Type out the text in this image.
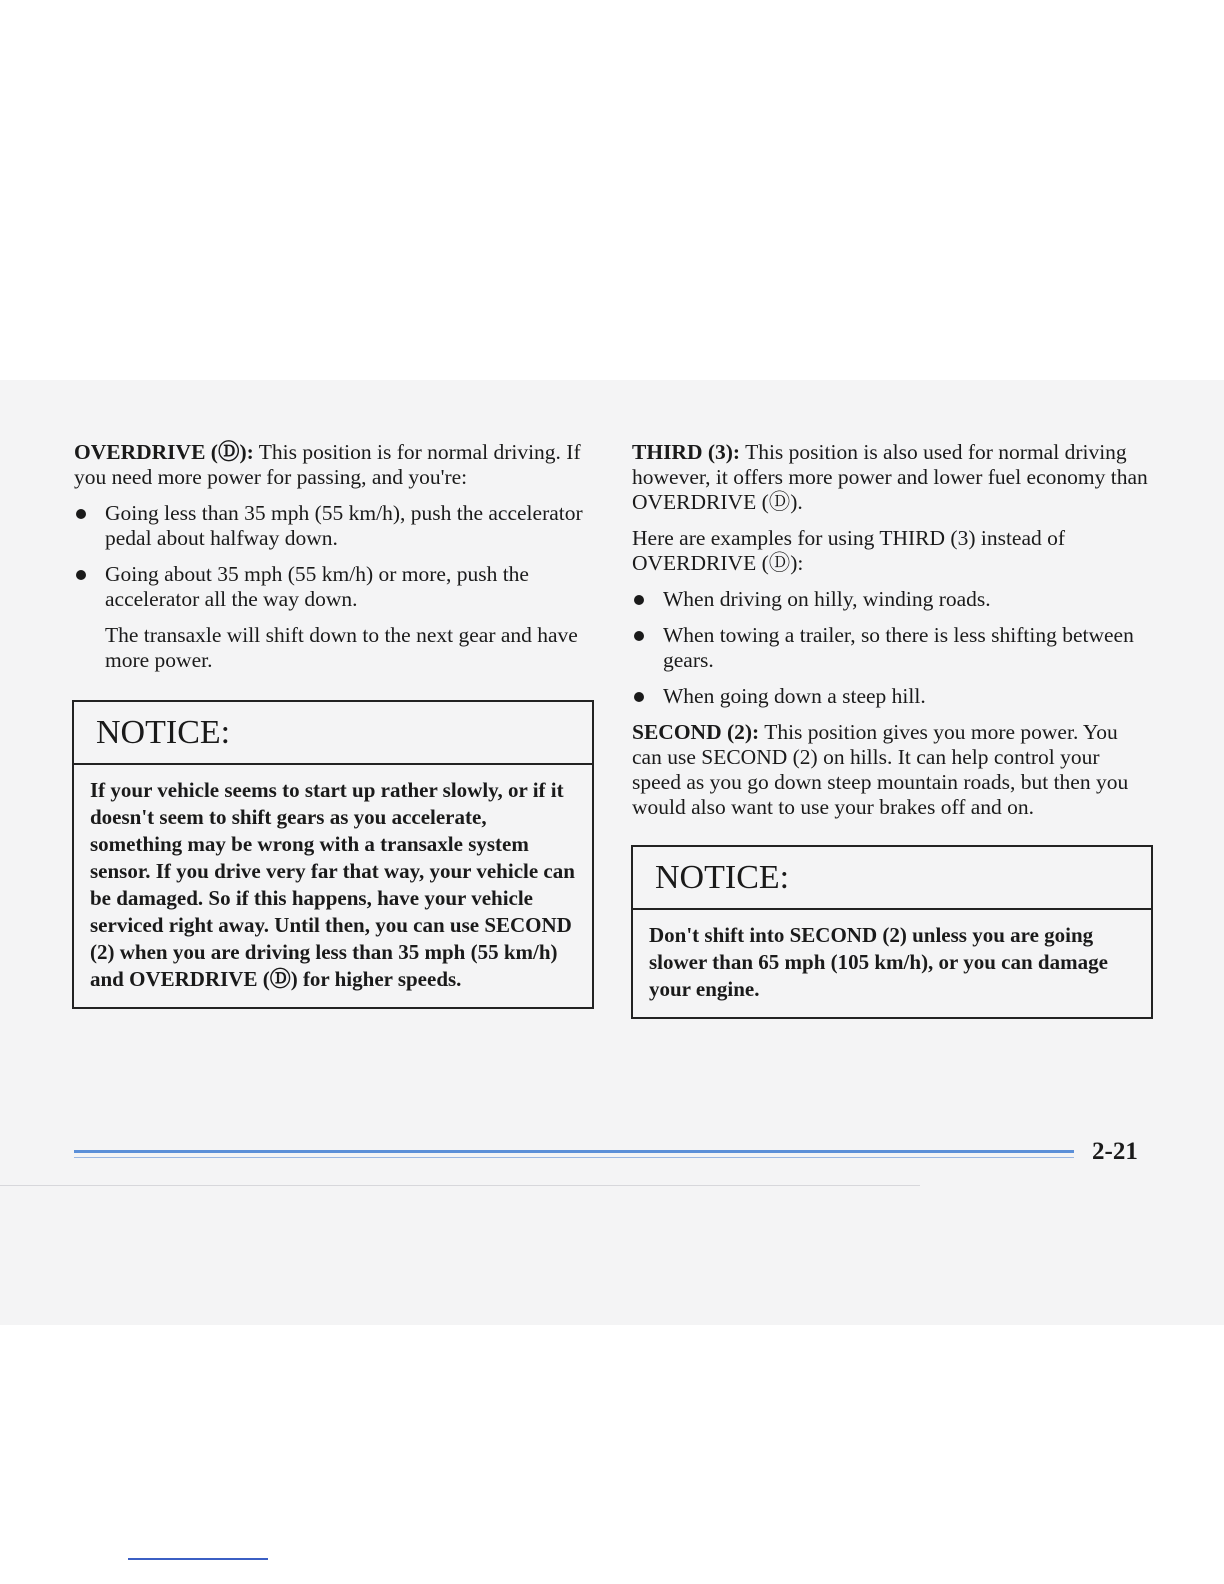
OVERDRIVE (Ⓓ): This position is for normal driving. If you need more power for passing, and you're:

Going less than 35 mph (55 km/h), push the accelerator pedal about halfway down.
Going about 35 mph (55 km/h) or more, push the accelerator all the way down.

The transaxle will shift down to the next gear and have more power.

NOTICE:
If your vehicle seems to start up rather slowly, or if it doesn't seem to shift gears as you accelerate, something may be wrong with a transaxle system sensor. If you drive very far that way, your vehicle can be damaged. So if this happens, have your vehicle serviced right away. Until then, you can use SECOND (2) when you are driving less than 35 mph (55 km/h) and OVERDRIVE (Ⓓ) for higher speeds.

THIRD (3): This position is also used for normal driving however, it offers more power and lower fuel economy than OVERDRIVE (Ⓓ).

Here are examples for using THIRD (3) instead of OVERDRIVE (Ⓓ):

When driving on hilly, winding roads.
When towing a trailer, so there is less shifting between gears.
When going down a steep hill.

SECOND (2): This position gives you more power. You can use SECOND (2) on hills. It can help control your speed as you go down steep mountain roads, but then you would also want to use your brakes off and on.

NOTICE:
Don't shift into SECOND (2) unless you are going slower than 65 mph (105 km/h), or you can damage your engine.
2-21
